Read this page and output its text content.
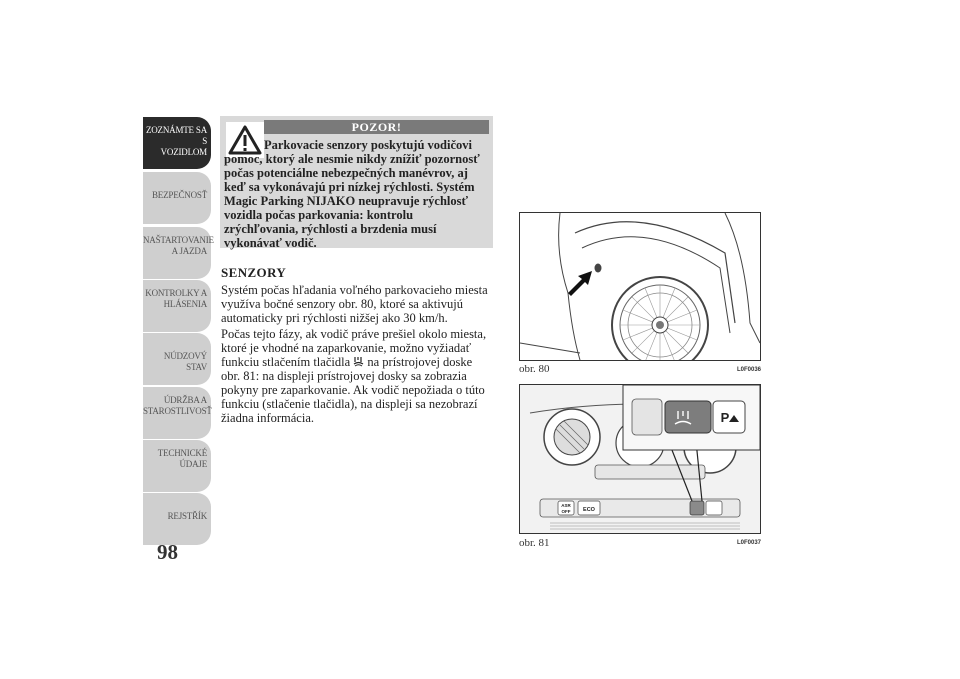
ZOZNÁMTE SA S
VOZIDLOM
BEZPEČNOSŤ
NAŠTARTOVANIE
A JAZDA
KONTROLKY A
HLÁSENIA
NÚDZOVÝ STAV
ÚDRŽBA A
STAROSTLIVOSŤ
TECHNICKÉ
ÚDAJE
REJSTŘÍK
98
POZOR!
Parkovacie senzory poskytujú vodičovi pomoc, ktorý ale nesmie nikdy znížiť pozornosť počas potenciálne nebezpečných manévrov, aj keď sa vykonávajú pri nízkej rýchlosti. Systém Magic Parking NIJAKO neupravuje rýchlosť vozidla počas parkovania: kontrolu zrýchľovania, rýchlosti a brzdenia musí vykonávať vodič.
SENZORY
Systém počas hľadania voľného parkovacieho miesta využíva bočné senzory obr. 80, ktoré sa aktivujú automaticky pri rýchlosti nižšej ako 30 km/h.
Počas tejto fázy, ak vodič práve prešiel okolo miesta, ktoré je vhodné na zaparkovanie, možno vyžiadať funkciu stlačením tlačidla na prístrojovej doske obr. 81: na displeji prístrojovej dosky sa zobrazia pokyny pre zaparkovanie. Ak vodič nepožiada o túto funkciu (stlačenie tlačidla), na displeji sa nezobrazí žiadna informácia.
obr. 80	L0F0036
ASR
OFF ECO
P
obr. 81	L0F0037
